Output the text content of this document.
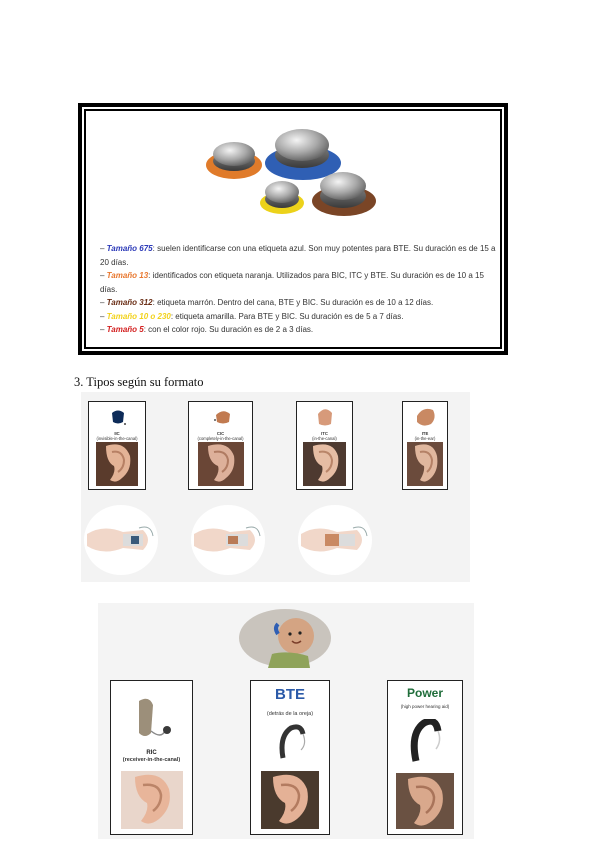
– Tamaño 675: suelen identificarse con una etiqueta azul. Son muy potentes para BTE. Su duración es de 15 a 20 días.

– Tamaño 13: identificados con etiqueta naranja. Utilizados para BIC, ITC y BTE. Su duración es de 10 a 15 días.

– Tamaño 312: etiqueta marrón. Dentro del cana, BTE y BIC. Su duración es de 10 a 12 días.

– Tamaño 10 o 230: etiqueta amarilla. Para BTE y BIC. Su duración es de 5 a 7 días.

– Tamaño 5: con el color rojo. Su duración es de 2 a 3 días.

3. Tipos según su formato
IIC
(invisible-in-the-canal)
CIC
(completely-in-the-canal)
ITC
(in-the-canal)
ITE
(in-the-ear)
RIC
(receiver-in-the-canal)
BTE
(detrás de la oreja)
Power
(high power hearing aid)
